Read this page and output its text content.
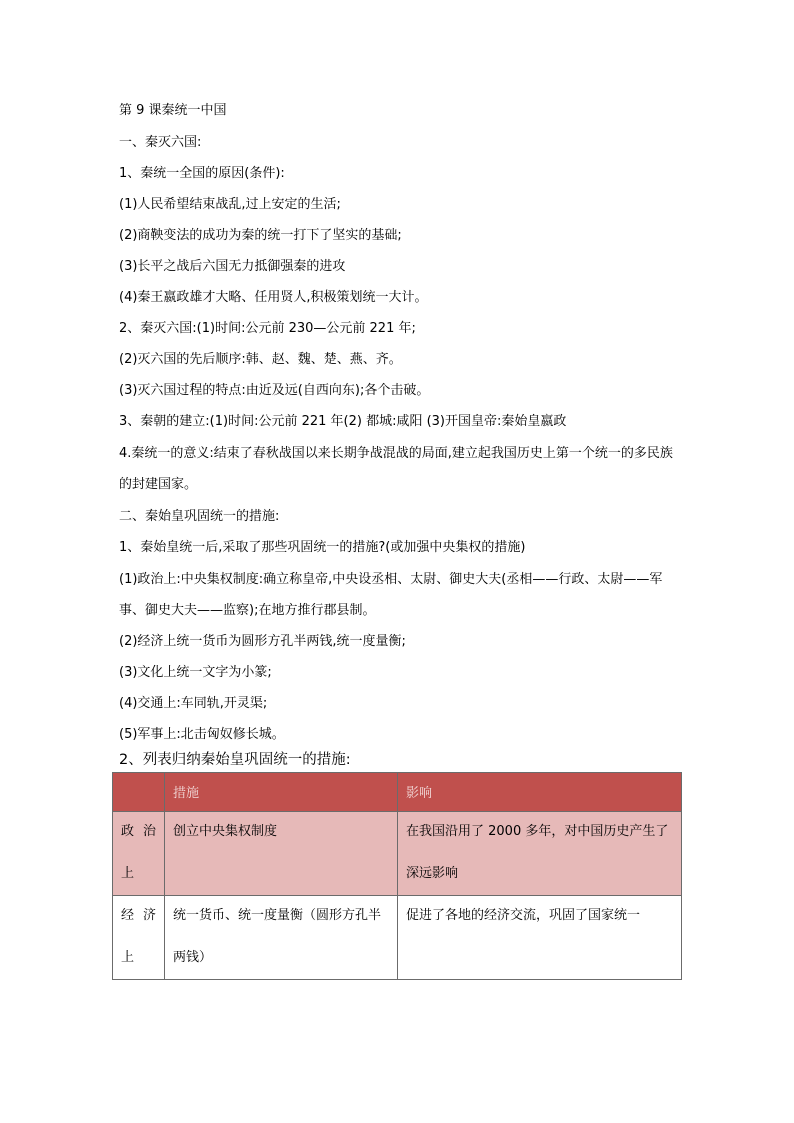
第 9 课秦统一中国
一、秦灭六国:
1、秦统一全国的原因(条件):
(1)人民希望结束战乱,过上安定的生活;
(2)商鞅变法的成功为秦的统一打下了坚实的基础;
(3)长平之战后六国无力抵御强秦的进攻
(4)秦王嬴政雄才大略、任用贤人,积极策划统一大计。
2、秦灭六国:(1)时间:公元前 230—公元前 221 年;
(2)灭六国的先后顺序:韩、赵、魏、楚、燕、齐。
(3)灭六国过程的特点:由近及远(自西向东);各个击破。
3、秦朝的建立:(1)时间:公元前 221 年(2) 都城:咸阳 (3)开国皇帝:秦始皇嬴政
4.秦统一的意义:结束了春秋战国以来长期争战混战的局面,建立起我国历史上第一个统一的多民族的封建国家。
二、秦始皇巩固统一的措施:
1、秦始皇统一后,采取了那些巩固统一的措施?(或加强中央集权的措施)
(1)政治上:中央集权制度:确立称皇帝,中央设丞相、太尉、御史大夫(丞相——行政、太尉——军事、御史大夫——监察);在地方推行郡县制。
(2)经济上统一货币为圆形方孔半两钱,统一度量衡;
(3)文化上统一文字为小篆;
(4)交通上:车同轨,开灵渠;
(5)军事上:北击匈奴修长城。
2、列表归纳秦始皇巩固统一的措施:
	措施	影响

政治上	创立中央集权制度	在我国沿用了 2000 多年，对中国历史产生了深远影响

经济上	统一货币、统一度量衡（圆形方孔半两钱）	促进了各地的经济交流，巩固了国家统一
